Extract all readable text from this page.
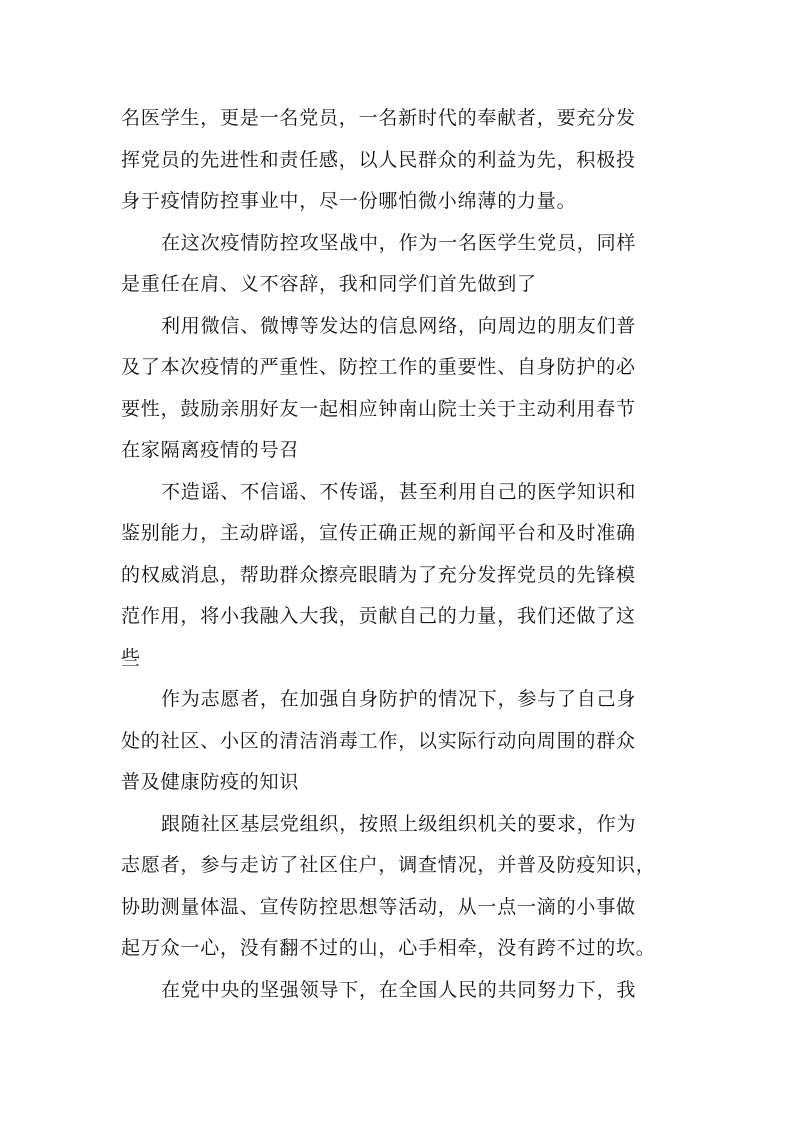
名医学生，更是一名党员，一名新时代的奉献者，要充分发
挥党员的先进性和责任感，以人民群众的利益为先，积极投
身于疫情防控事业中，尽一份哪怕微小绵薄的力量。
在这次疫情防控攻坚战中，作为一名医学生党员，同样
是重任在肩、义不容辞，我和同学们首先做到了
利用微信、微博等发达的信息网络，向周边的朋友们普
及了本次疫情的严重性、防控工作的重要性、自身防护的必
要性，鼓励亲朋好友一起相应钟南山院士关于主动利用春节
在家隔离疫情的号召
不造谣、不信谣、不传谣，甚至利用自己的医学知识和
鉴别能力，主动辟谣，宣传正确正规的新闻平台和及时准确
的权威消息，帮助群众擦亮眼睛为了充分发挥党员的先锋模
范作用，将小我融入大我，贡献自己的力量，我们还做了这
些
作为志愿者，在加强自身防护的情况下，参与了自己身
处的社区、小区的清洁消毒工作，以实际行动向周围的群众
普及健康防疫的知识
跟随社区基层党组织，按照上级组织机关的要求，作为
志愿者，参与走访了社区住户，调查情况，并普及防疫知识，
协助测量体温、宣传防控思想等活动，从一点一滴的小事做
起万众一心，没有翻不过的山，心手相牵，没有跨不过的坎。
在党中央的坚强领导下，在全国人民的共同努力下，我
